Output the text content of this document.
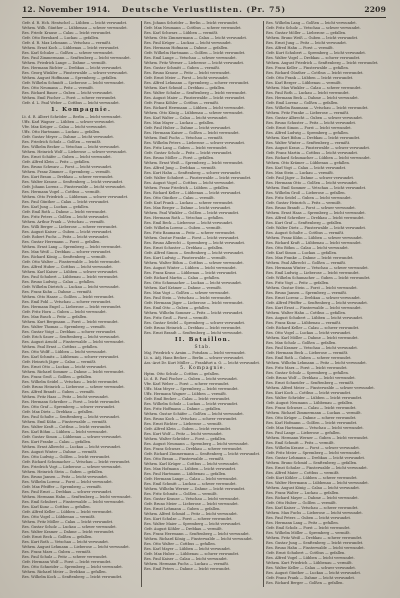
12. November 1914.	Deutsche Verlustlisten. (Pr. 75)	2209
Gefr. d. R. Hch. Hentschel — Lübben — leicht verwundet.
Wehrm. Wilh. Günther — Lübbenau — schwer verwundet.
Res. Friedr. Krause — Calau — leicht verwundet.
Gefr. Otto Bernhard — Luckau — gefallen.
Gefr. d. R. Max Lehmann — Vetschau — vermißt.
Wehrm. Ernst Koch — Lübbenau — leicht verwundet.
Res. Karl Schulze — Golßen — schwer verwundet.
Res. Paul Zimmermann — Senftenberg — leicht verwundet.
Wehrm. Friedrich Lange — Dahme — vermißt.
Res. Hermann Richter — Drebkau — leicht verwundet.
Res. Georg Winkler — Finsterwalde — schwer verwundet.
Wehrm. August Hoffmann — Spremberg — gefallen.
Gefr. Wilhelm Schmidt — Lieberose — leicht verwundet.
Res. Otto Neumann — Peitz — vermißt.
Res. Richard Bauer — Guben — leicht verwundet.
Wehrm. Emil Fischer — Forst — schwer verwundet.
Gefr. d. L. Paul Weber — Cottbus — leicht verwundet.
1. Kompagnie.
Lt. d. R. Albert Schröder — Berlin — leicht verwundet.
Uffz. Karl Wagner — Lübben — schwer verwundet.
Vfw. Max Krüger — Calau — leicht verwundet.
Uffz. Otto Hartmann — Luckau — gefallen.
Gefr. Gustav Meyer — Dahme — leicht verwundet.
Res. Friedrich Schulz — Golßen — vermißt.
Res. Wilhelm Becker — Vetschau — leicht verwundet.
Wehrm. Heinrich Wolf — Lieberose — schwer verwundet.
Res. Ernst Schäfer — Guben — leicht verwundet.
Gefr. Alfred Klein — Peitz — gefallen.
Res. Bruno Schwarz — Forst — leicht verwundet.
Wehrm. Franz Zimmer — Spremberg — vermißt.
Res. Kurt Braun — Drebkau — schwer verwundet.
Res. Walter Krause — Senftenberg — leicht verwundet.
Gefr. Johann Lorenz — Finsterwalde — leicht verwundet.
Res. Hermann Vogel — Cottbus — vermißt.
Wehrm. Otto Friedrich — Lübbenau — schwer verwundet.
Res. Paul Günther — Calau — leicht verwundet.
Res. Karl Jung — Luckau — gefallen.
Gefr. Emil Roth — Dahme — leicht verwundet.
Res. Fritz Peters — Golßen — leicht verwundet.
Wehrm. Arthur Frank — Vetschau — vermißt.
Res. Willi Berger — Lieberose — schwer verwundet.
Res. August Kaiser — Guben — leicht verwundet.
Gefr. Robert Fuchs — Peitz — leicht verwundet.
Res. Gustav Herrmann — Forst — gefallen.
Wehrm. Ernst Lang — Spremberg — leicht verwundet.
Res. Max Weiß — Drebkau — schwer verwundet.
Res. Richard König — Senftenberg — vermißt.
Gefr. Otto Walter — Finsterwalde — leicht verwundet.
Res. Alfred Huber — Cottbus — leicht verwundet.
Wehrm. Karl Kaiser — Lübben — schwer verwundet.
Res. Paul Schubert — Lübbenau — leicht verwundet.
Res. Bruno Ludwig — Calau — gefallen.
Gefr. Wilhelm Dietrich — Luckau — leicht verwundet.
Res. Franz Kuhn — Dahme — vermißt.
Wehrm. Otto Haase — Golßen — leicht verwundet.
Res. Emil Pohl — Vetschau — schwer verwundet.
Res. Hermann Engel — Lieberose — leicht verwundet.
Gefr. Fritz Horn — Guben — leicht verwundet.
Res. Max Busch — Peitz — gefallen.
Wehrm. Kurt Bergmann — Forst — leicht verwundet.
Res. Walter Thomas — Spremberg — vermißt.
Res. Gustav Voigt — Drebkau — schwer verwundet.
Gefr. Erich Sauer — Senftenberg — leicht verwundet.
Res. August Arnold — Finsterwalde — leicht verwundet.
Wehrm. Paul Ernst — Cottbus — gefallen.
Res. Otto Wolff — Lübben — leicht verwundet.
Res. Karl Schmitz — Lübbenau — schwer verwundet.
Gefr. Heinrich Jäger — Calau — vermißt.
Res. Ernst Otto — Luckau — leicht verwundet.
Wehrm. Richard Sommer — Dahme — leicht verwundet.
Res. Franz Groß — Golßen — gefallen.
Res. Wilhelm Seidel — Vetschau — leicht verwundet.
Gefr. Bruno Heinrich — Lieberose — schwer verwundet.
Res. Alfred Brandt — Guben — vermißt.
Wehrm. Fritz Haas — Peitz — leicht verwundet.
Res. Hermann Schreiber — Forst — leicht verwundet.
Res. Otto Graf — Spremberg — schwer verwundet.
Gefr. Max Dietz — Drebkau — gefallen.
Res. Paul Schulte — Senftenberg — leicht verwundet.
Wehrm. Emil Kühn — Finsterwalde — vermißt.
Res. Walter Kraft — Cottbus — leicht verwundet.
Res. Karl Böhm — Lübben — leicht verwundet.
Gefr. Gustav Simon — Lübbenau — schwer verwundet.
Res. Kurt Franke — Calau — gefallen.
Wehrm. Ernst Albrecht — Luckau — leicht verwundet.
Res. August Winter — Dahme — vermißt.
Res. Otto Ludwig — Golßen — leicht verwundet.
Gefr. Richard Schumacher — Vetschau — leicht verwundet.
Res. Friedrich Vogt — Lieberose — schwer verwundet.
Wehrm. Heinrich Stein — Guben — gefallen.
Res. Bruno Jansen — Peitz — leicht verwundet.
Res. Wilhelm Lorenz — Forst — leicht verwundet.
Gefr. Max Pfeiffer — Spremberg — vermißt.
Res. Paul Ernst — Drebkau — schwer verwundet.
Wehrm. Hermann Hahn — Senftenberg — leicht verwundet.
Res. Emil Schubert — Finsterwalde — leicht verwundet.
Res. Karl Kunz — Cottbus — gefallen.
Gefr. Alfred Keller — Lübben — leicht verwundet.
Res. Otto Vogel — Lübbenau — vermißt.
Wehrm. Fritz Möller — Calau — leicht verwundet.
Res. Gustav Scholz — Luckau — schwer verwundet.
Res. Walter Kramer — Dahme — leicht verwundet.
Gefr. Ernst Beck — Golßen — gefallen.
Res. Kurt Roth — Vetschau — leicht verwundet.
Wehrm. August Lehmann — Lieberose — leicht verwundet.
Res. Franz Marx — Guben — vermißt.
Res. Paul Schulz — Peitz — schwer verwundet.
Gefr. Hermann Wolf — Forst — leicht verwundet.
Res. Otto Schneider — Spremberg — leicht verwundet.
Wehrm. Richard Meier — Drebkau — gefallen.
Res. Wilhelm Koch — Senftenberg — leicht verwundet.
Res. Johann Schröder — Berlin — leicht verwundet.
Gefr. Max Neumann — Cottbus — schwer verwundet.
Res. Karl Schwarz — Lübben — vermißt.
Wehrm. Otto Zimmermann — Calau — leicht verwundet.
Res. Paul Krüger — Luckau — leicht verwundet.
Res. Hermann Hofmann — Dahme — gefallen.
Gefr. Wilhelm Hartmann — Golßen — leicht verwundet.
Res. Emil Lange — Vetschau — schwer verwundet.
Wehrm. Fritz Werner — Lieberose — leicht verwundet.
Res. Gustav Schmitt — Guben — vermißt.
Res. Bruno Krause — Peitz — leicht verwundet.
Gefr. Ernst Meier — Forst — leicht verwundet.
Res. Alfred Lehmann — Spremberg — schwer verwundet.
Wehrm. Kurt Schmid — Drebkau — gefallen.
Res. Walter Schulze — Senftenberg — leicht verwundet.
Res. August Maier — Finsterwalde — leicht verwundet.
Gefr. Franz Köhler — Cottbus — vermißt.
Res. Richard Herrmann — Lübben — leicht verwundet.
Wehrm. Otto König — Lübbenau — schwer verwundet.
Res. Karl Walter — Calau — leicht verwundet.
Res. Max Mayer — Luckau — gefallen.
Gefr. Paul Huber — Dahme — leicht verwundet.
Res. Hermann Kaiser — Golßen — leicht verwundet.
Wehrm. Emil Fuchs — Vetschau — vermißt.
Res. Wilhelm Peters — Lieberose — schwer verwundet.
Res. Fritz Lang — Guben — leicht verwundet.
Gefr. Gustav Scholz — Peitz — leicht verwundet.
Res. Bruno Möller — Forst — gefallen.
Wehrm. Ernst Weiß — Spremberg — leicht verwundet.
Res. Alfred Jung — Drebkau — vermißt.
Res. Kurt Hahn — Senftenberg — schwer verwundet.
Gefr. Walter Schubert — Finsterwalde — leicht verwundet.
Res. August Vogel — Cottbus — leicht verwundet.
Wehrm. Franz Friedrich — Lübben — gefallen.
Res. Richard Keller — Lübbenau — leicht verwundet.
Res. Otto Günther — Calau — vermißt.
Gefr. Karl Frank — Luckau — schwer verwundet.
Res. Max Berger — Dahme — leicht verwundet.
Wehrm. Paul Winkler — Golßen — leicht verwundet.
Res. Hermann Roth — Vetschau — gefallen.
Res. Emil Beck — Lieberose — leicht verwundet.
Gefr. Wilhelm Lorenz — Guben — vermißt.
Res. Fritz Baumann — Peitz — schwer verwundet.
Wehrm. Gustav Franke — Forst — leicht verwundet.
Res. Bruno Albrecht — Spremberg — leicht verwundet.
Res. Ernst Schuster — Drebkau — gefallen.
Gefr. Alfred Simon — Senftenberg — leicht verwundet.
Res. Kurt Ludwig — Finsterwalde — vermißt.
Wehrm. Walter Böhm — Cottbus — schwer verwundet.
Res. August Winter — Lübben — leicht verwundet.
Res. Franz Kraus — Lübbenau — leicht verwundet.
Gefr. Richard Martin — Calau — gefallen.
Res. Otto Schumacher — Luckau — leicht verwundet.
Wehrm. Karl Krämer — Dahme — vermißt.
Res. Max Vogt — Golßen — schwer verwundet.
Res. Paul Stein — Vetschau — leicht verwundet.
Gefr. Hermann Jäger — Lieberose — leicht verwundet.
Res. Emil Otto — Guben — gefallen.
Wehrm. Wilhelm Sommer — Peitz — leicht verwundet.
Res. Fritz Groß — Forst — vermißt.
Res. Gustav Seidel — Spremberg — schwer verwundet.
Gefr. Bruno Heinrich — Drebkau — leicht verwundet.
Res. Ernst Brandt — Senftenberg — leicht verwundet.
II. Bataillon.
Stab.
Maj. Friedrich v. Arnim — Potsdam — leicht verwundet.
Lt. u. Adj. Hans Becker — Berlin — schwer verwundet.
Ass.-Arzt Dr. Kurt Müller — Frankfurt a. O. — leicht verwundet.
5. Kompagnie.
Hptm. Otto Schulz — Cottbus — gefallen.
Lt. d. R. Paul Fischer — Guben — leicht verwundet.
Vfw. Karl Weber — Forst — schwer verwundet.
Uffz. Max Meyer — Spremberg — leicht verwundet.
Uffz. Hermann Wagner — Lübben — vermißt.
Gefr. Emil Becker — Calau — leicht verwundet.
Res. Wilhelm Schulz — Luckau — leicht verwundet.
Res. Fritz Hoffmann — Dahme — gefallen.
Wehrm. Gustav Schäfer — Golßen — leicht verwundet.
Res. Bruno Koch — Vetschau — schwer verwundet.
Res. Ernst Richter — Lieberose — vermißt.
Gefr. Alfred Klein — Guben — leicht verwundet.
Res. Kurt Wolf — Peitz — leicht verwundet.
Wehrm. Walter Schröder — Forst — gefallen.
Res. August Neumann — Spremberg — leicht verwundet.
Res. Franz Schwarz — Drebkau — schwer verwundet.
Gefr. Richard Zimmermann — Senftenberg — leicht verwundet.
Res. Otto Braun — Finsterwalde — vermißt.
Wehrm. Karl Krüger — Cottbus — leicht verwundet.
Res. Max Hofmann — Lübben — leicht verwundet.
Res. Paul Hartmann — Lübbenau — gefallen.
Gefr. Hermann Lange — Calau — leicht verwundet.
Res. Emil Schmitt — Luckau — schwer verwundet.
Wehrm. Wilhelm Werner — Dahme — leicht verwundet.
Res. Fritz Schmitz — Golßen — vermißt.
Res. Gustav Krause — Vetschau — leicht verwundet.
Gefr. Bruno Meier — Lieberose — leicht verwundet.
Res. Ernst Lehmann — Guben — gefallen.
Wehrm. Alfred Schmid — Peitz — leicht verwundet.
Res. Kurt Schulze — Forst — schwer verwundet.
Res. Walter Maier — Spremberg — leicht verwundet.
Gefr. August Köhler — Drebkau — vermißt.
Res. Franz Herrmann — Senftenberg — leicht verwundet.
Wehrm. Richard König — Finsterwalde — leicht verwundet.
Res. Otto Walter — Cottbus — gefallen.
Res. Karl Mayer — Lübben — leicht verwundet.
Gefr. Max Huber — Lübbenau — schwer verwundet.
Res. Paul Kaiser — Calau — leicht verwundet.
Wehrm. Hermann Fuchs — Luckau — vermißt.
Res. Emil Peters — Dahme — leicht verwundet.
Res. Wilhelm Lang — Golßen — leicht verwundet.
Gefr. Fritz Scholz — Vetschau — schwer verwundet.
Res. Gustav Möller — Lieberose — gefallen.
Wehrm. Bruno Weiß — Guben — leicht verwundet.
Res. Ernst Jung — Peitz — leicht verwundet.
Res. Alfred Hahn — Forst — vermißt.
Gefr. Kurt Schubert — Spremberg — leicht verwundet.
Res. Walter Vogel — Drebkau — schwer verwundet.
Wehrm. August Friedrich — Senftenberg — leicht verwundet.
Res. Franz Keller — Finsterwalde — gefallen.
Res. Richard Günther — Cottbus — leicht verwundet.
Gefr. Otto Frank — Lübben — leicht verwundet.
Res. Karl Berger — Lübbenau — vermißt.
Wehrm. Max Winkler — Calau — schwer verwundet.
Res. Paul Roth — Luckau — leicht verwundet.
Res. Hermann Beck — Dahme — leicht verwundet.
Gefr. Emil Lorenz — Golßen — gefallen.
Res. Wilhelm Baumann — Vetschau — leicht verwundet.
Wehrm. Fritz Franke — Lieberose — vermißt.
Res. Gustav Albrecht — Guben — schwer verwundet.
Res. Bruno Schuster — Peitz — leicht verwundet.
Gefr. Ernst Simon — Forst — leicht verwundet.
Res. Alfred Ludwig — Spremberg — gefallen.
Wehrm. Kurt Böhm — Drebkau — leicht verwundet.
Res. Walter Winter — Senftenberg — vermißt.
Res. August Kraus — Finsterwalde — schwer verwundet.
Gefr. Franz Martin — Cottbus — leicht verwundet.
Res. Richard Schumacher — Lübben — leicht verwundet.
Wehrm. Otto Krämer — Lübbenau — gefallen.
Res. Karl Vogt — Calau — leicht verwundet.
Res. Max Stein — Luckau — vermißt.
Gefr. Paul Jäger — Dahme — schwer verwundet.
Res. Hermann Otto — Golßen — leicht verwundet.
Wehrm. Emil Sommer — Vetschau — leicht verwundet.
Res. Wilhelm Groß — Lieberose — gefallen.
Res. Fritz Seidel — Guben — leicht verwundet.
Gefr. Gustav Heinrich — Peitz — vermißt.
Res. Bruno Brandt — Forst — schwer verwundet.
Wehrm. Ernst Haas — Spremberg — leicht verwundet.
Res. Alfred Schreiber — Drebkau — leicht verwundet.
Res. Kurt Graf — Senftenberg — gefallen.
Gefr. Walter Dietz — Finsterwalde — leicht verwundet.
Res. August Schulte — Cottbus — vermißt.
Wehrm. Franz Kühn — Lübben — schwer verwundet.
Res. Richard Kraft — Lübbenau — leicht verwundet.
Res. Otto Böhm — Calau — leicht verwundet.
Gefr. Karl Simon — Luckau — gefallen.
Res. Max Franke — Dahme — leicht verwundet.
Wehrm. Paul Albrecht — Golßen — vermißt.
Res. Hermann Winter — Vetschau — schwer verwundet.
Res. Emil Ludwig — Lieberose — leicht verwundet.
Gefr. Wilhelm Schumacher — Guben — leicht verwundet.
Res. Fritz Vogt — Peitz — gefallen.
Wehrm. Gustav Stein — Forst — leicht verwundet.
Res. Bruno Jansen — Spremberg — vermißt.
Res. Ernst Lorenz — Drebkau — schwer verwundet.
Gefr. Alfred Pfeiffer — Senftenberg — leicht verwundet.
Res. Kurt Ernst — Finsterwalde — leicht verwundet.
Wehrm. Walter Hahn — Cottbus — gefallen.
Res. August Schubert — Lübben — leicht verwundet.
Res. Franz Kunz — Lübbenau — vermißt.
Gefr. Richard Keller — Calau — schwer verwundet.
Res. Otto Vogel — Luckau — leicht verwundet.
Wehrm. Karl Möller — Dahme — leicht verwundet.
Res. Max Scholz — Golßen — gefallen.
Res. Paul Kramer — Vetschau — leicht verwundet.
Gefr. Hermann Beck — Lieberose — vermißt.
Res. Emil Roth — Guben — schwer verwundet.
Wehrm. Wilhelm Lehmann — Peitz — leicht verwundet.
Res. Fritz Marx — Forst — leicht verwundet.
Res. Gustav Schulz — Spremberg — gefallen.
Gefr. Bruno Wolf — Drebkau — leicht verwundet.
Res. Ernst Schneider — Senftenberg — vermißt.
Wehrm. Alfred Meier — Finsterwalde — schwer verwundet.
Res. Kurt Koch — Cottbus — leicht verwundet.
Res. Walter Schröder — Lübben — leicht verwundet.
Gefr. August Neumann — Lübbenau — gefallen.
Res. Franz Schwarz — Calau — leicht verwundet.
Wehrm. Richard Zimmermann — Luckau — vermißt.
Res. Otto Krüger — Dahme — schwer verwundet.
Res. Karl Hofmann — Golßen — leicht verwundet.
Gefr. Max Hartmann — Vetschau — leicht verwundet.
Res. Paul Lange — Lieberose — gefallen.
Wehrm. Hermann Werner — Guben — leicht verwundet.
Res. Emil Schmitt — Peitz — vermißt.
Res. Wilhelm Krause — Forst — schwer verwundet.
Gefr. Fritz Meier — Spremberg — leicht verwundet.
Res. Gustav Lehmann — Drebkau — leicht verwundet.
Wehrm. Bruno Schmid — Senftenberg — gefallen.
Res. Ernst Schulze — Finsterwalde — leicht verwundet.
Res. Alfred Maier — Cottbus — vermißt.
Gefr. Kurt Köhler — Lübben — schwer verwundet.
Res. Walter Herrmann — Lübbenau — leicht verwundet.
Wehrm. August König — Calau — leicht verwundet.
Res. Franz Walter — Luckau — gefallen.
Res. Richard Mayer — Dahme — leicht verwundet.
Gefr. Otto Huber — Golßen — vermißt.
Res. Karl Kaiser — Vetschau — schwer verwundet.
Wehrm. Max Fuchs — Lieberose — leicht verwundet.
Res. Paul Peters — Guben — leicht verwundet.
Res. Hermann Lang — Peitz — gefallen.
Gefr. Emil Scholz — Forst — leicht verwundet.
Res. Wilhelm Möller — Spremberg — vermißt.
Wehrm. Fritz Weiß — Drebkau — schwer verwundet.
Res. Gustav Jung — Senftenberg — leicht verwundet.
Res. Bruno Hahn — Finsterwalde — leicht verwundet.
Gefr. Ernst Schubert — Cottbus — gefallen.
Res. Alfred Vogel — Lübben — leicht verwundet.
Wehrm. Kurt Friedrich — Lübbenau — vermißt.
Res. Walter Keller — Calau — schwer verwundet.
Res. August Günther — Luckau — leicht verwundet.
Gefr. Franz Frank — Dahme — leicht verwundet.
Res. Richard Berger — Golßen — gefallen.
